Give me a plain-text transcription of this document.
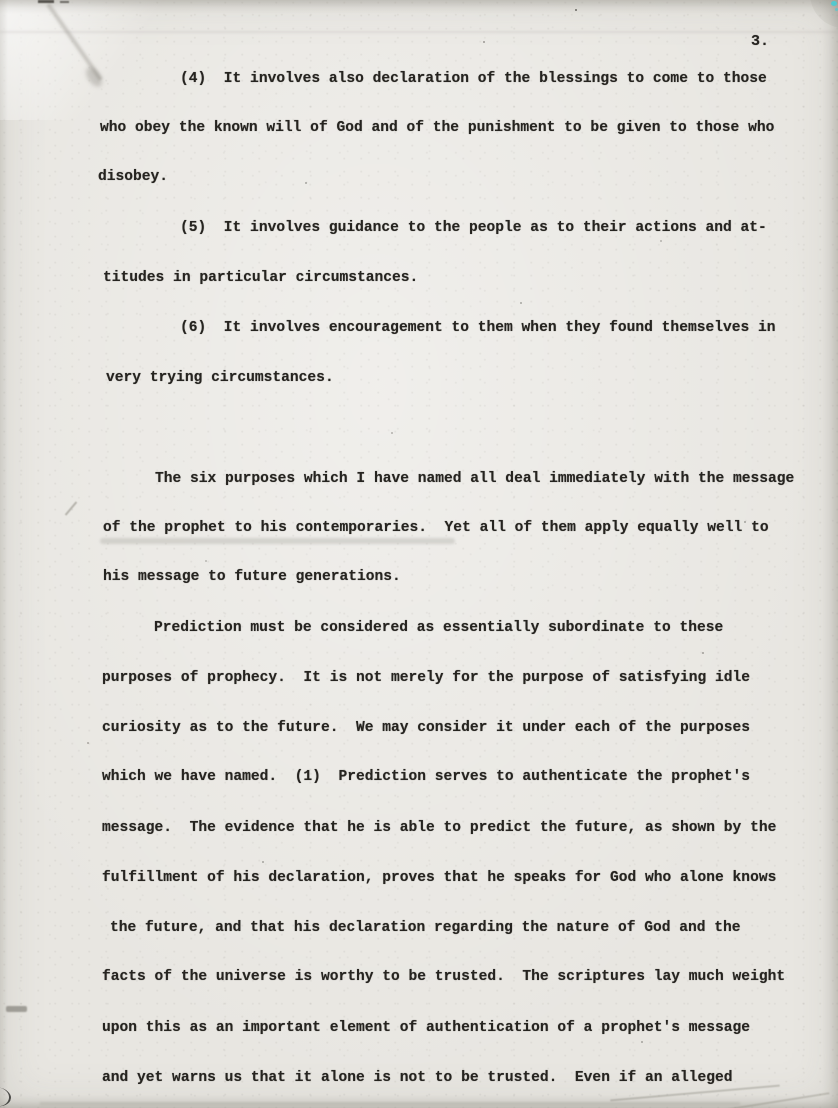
3.
(4)  It involves also declaration of the blessings to come to those
who obey the known will of God and of the punishment to be given to those who
disobey.
(5)  It involves guidance to the people as to their actions and at-
titudes in particular circumstances.
(6)  It involves encouragement to them when they found themselves in
very trying circumstances.
The six purposes which I have named all deal immediately with the message
of the prophet to his contemporaries.  Yet all of them apply equally well to
his message to future generations.
Prediction must be considered as essentially subordinate to these
purposes of prophecy.  It is not merely for the purpose of satisfying idle
curiosity as to the future.  We may consider it under each of the purposes
which we have named.  (1)  Prediction serves to authenticate the prophet's
message.  The evidence that he is able to predict the future, as shown by the
fulfillment of his declaration, proves that he speaks for God who alone knows
the future, and that his declaration regarding the nature of God and the
facts of the universe is worthy to be trusted.  The scriptures lay much weight
upon this as an important element of authentication of a prophet's message
and yet warns us that it alone is not to be trusted.  Even if an alleged
